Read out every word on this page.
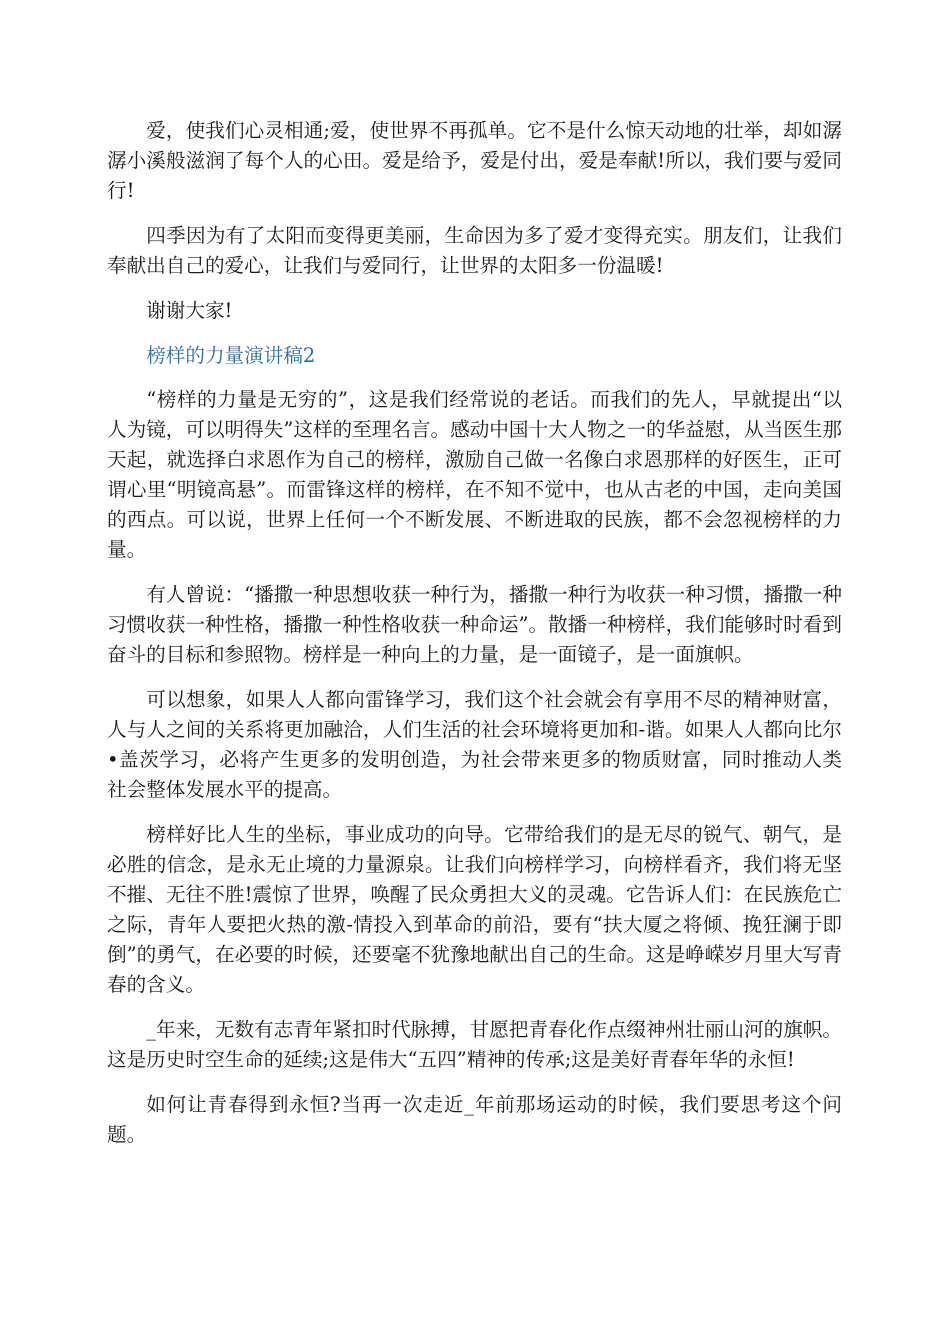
爱，使我们心灵相通;爱，使世界不再孤单。它不是什么惊天动地的壮举，却如潺潺小溪般滋润了每个人的心田。爱是给予，爱是付出，爱是奉献!所以，我们要与爱同行!

四季因为有了太阳而变得更美丽，生命因为多了爱才变得充实。朋友们，让我们奉献出自己的爱心，让我们与爱同行，让世界的太阳多一份温暖!

谢谢大家!

榜样的力量演讲稿2

“榜样的力量是无穷的”，这是我们经常说的老话。而我们的先人，早就提出“以人为镜，可以明得失”这样的至理名言。感动中国十大人物之一的华益慰，从当医生那天起，就选择白求恩作为自己的榜样，激励自己做一名像白求恩那样的好医生，正可谓心里“明镜高悬”。而雷锋这样的榜样，在不知不觉中，也从古老的中国，走向美国的西点。可以说，世界上任何一个不断发展、不断进取的民族，都不会忽视榜样的力量。

有人曾说：“播撒一种思想收获一种行为，播撒一种行为收获一种习惯，播撒一种习惯收获一种性格，播撒一种性格收获一种命运”。散播一种榜样，我们能够时时看到奋斗的目标和参照物。榜样是一种向上的力量，是一面镜子，是一面旗帜。

可以想象，如果人人都向雷锋学习，我们这个社会就会有享用不尽的精神财富，人与人之间的关系将更加融洽，人们生活的社会环境将更加和-谐。如果人人都向比尔•盖茨学习，必将产生更多的发明创造，为社会带来更多的物质财富，同时推动人类社会整体发展水平的提高。

榜样好比人生的坐标，事业成功的向导。它带给我们的是无尽的锐气、朝气，是必胜的信念，是永无止境的力量源泉。让我们向榜样学习，向榜样看齐，我们将无坚不摧、无往不胜!震惊了世界，唤醒了民众勇担大义的灵魂。它告诉人们：在民族危亡之际，青年人要把火热的激-情投入到革命的前沿，要有“扶大厦之将倾、挽狂澜于即倒”的勇气，在必要的时候，还要毫不犹豫地献出自己的生命。这是峥嵘岁月里大写青春的含义。

_年来，无数有志青年紧扣时代脉搏，甘愿把青春化作点缀神州壮丽山河的旗帜。这是历史时空生命的延续;这是伟大“五四”精神的传承;这是美好青春年华的永恒!

如何让青春得到永恒?当再一次走近_年前那场运动的时候，我们要思考这个问题。
